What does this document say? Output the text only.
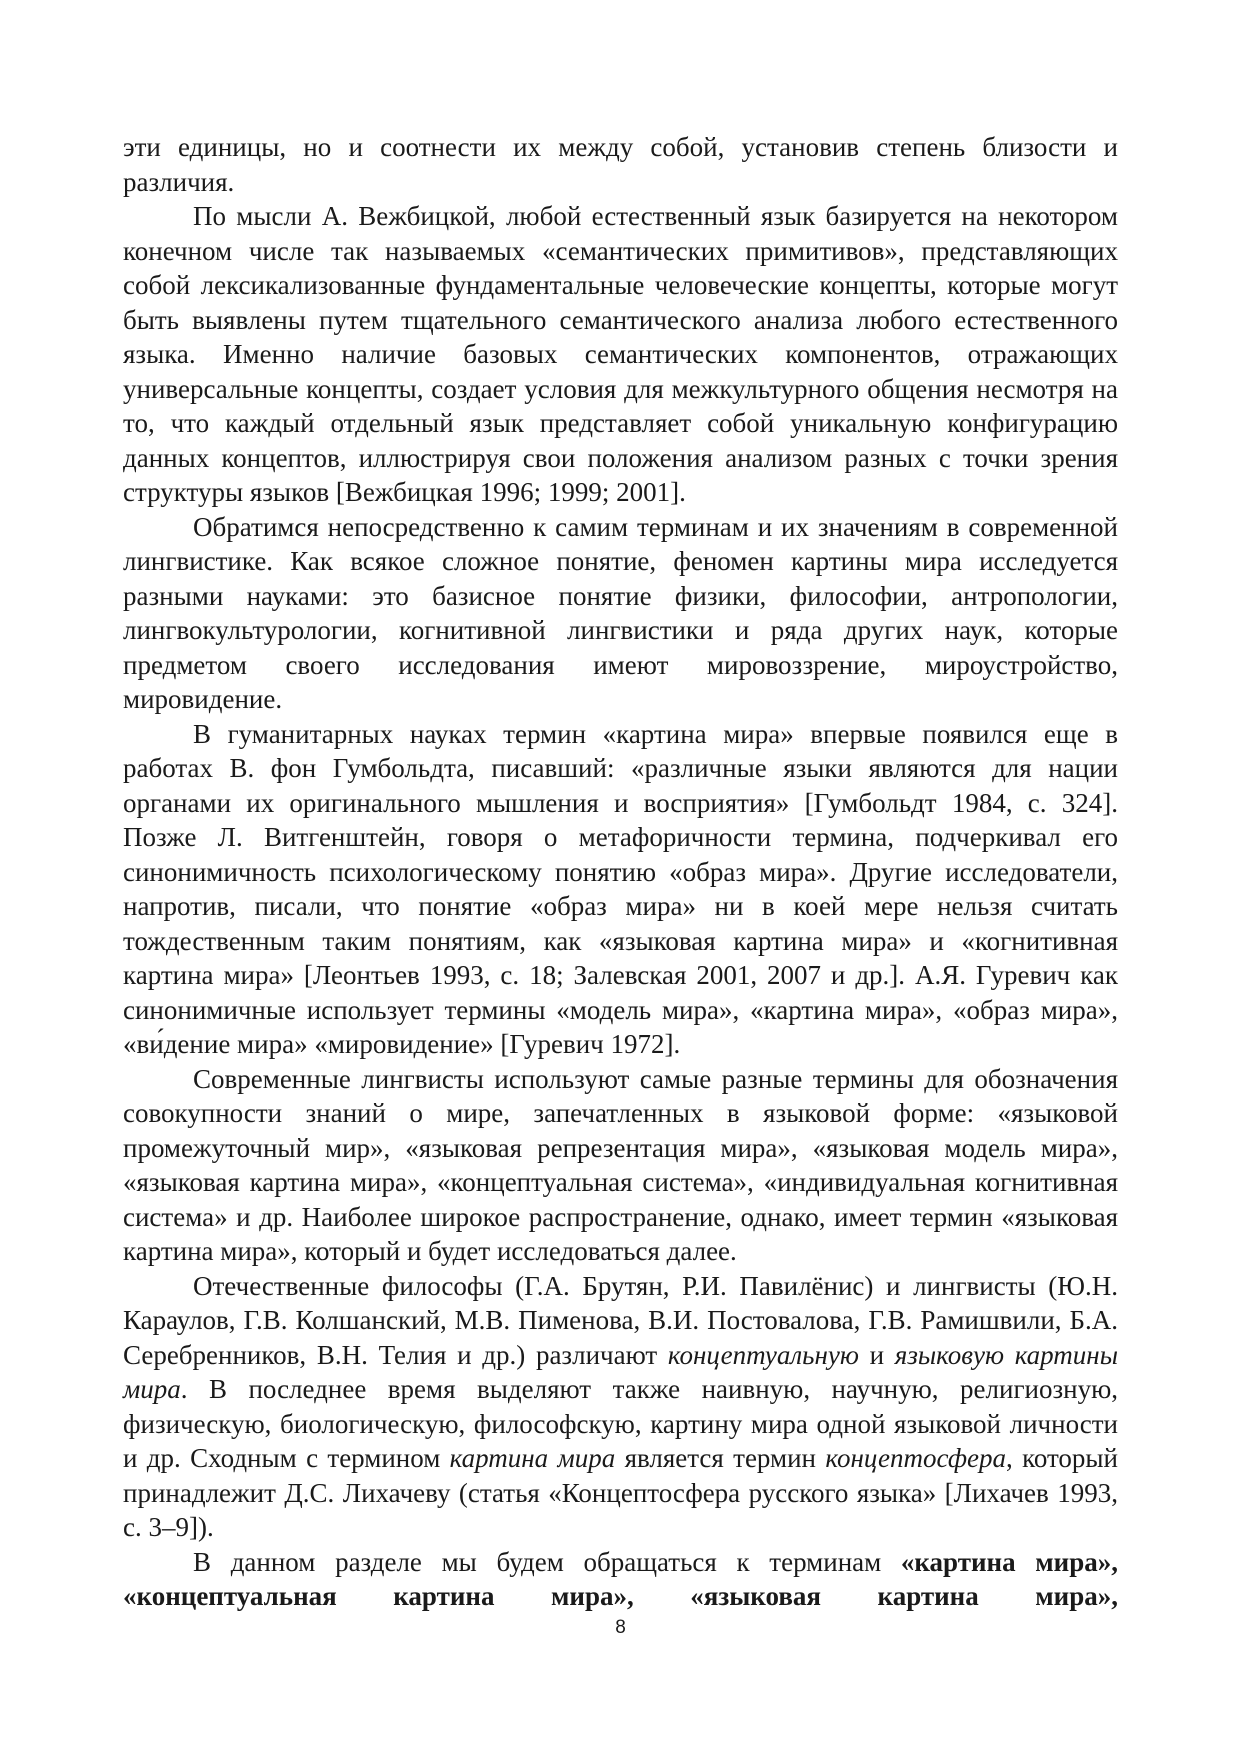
эти единицы, но и соотнести их между собой, установив степень близости и различия.

По мысли А. Вежбицкой, любой естественный язык базируется на некотором конечном числе так называемых «семантических примитивов», представляющих собой лексикализованные фундаментальные человеческие концепты, которые могут быть выявлены путем тщательного семантического анализа любого естественного языка. Именно наличие базовых семантических компонентов, отражающих универсальные концепты, создает условия для межкультурного общения несмотря на то, что каждый отдельный язык представляет собой уникальную конфигурацию данных концептов, иллюстрируя свои положения анализом разных с точки зрения структуры языков [Вежбицкая 1996; 1999; 2001].

Обратимся непосредственно к самим терминам и их значениям в современной лингвистике. Как всякое сложное понятие, феномен картины мира исследуется разными науками: это базисное понятие физики, философии, антропологии, лингвокультурологии, когнитивной лингвистики и ряда других наук, которые предметом своего исследования имеют мировоззрение, мироустройство, мировидение.

В гуманитарных науках термин «картина мира» впервые появился еще в работах В. фон Гумбольдта, писавший: «различные языки являются для нации органами их оригинального мышления и восприятия» [Гумбольдт 1984, с. 324]. Позже Л. Витгенштейн, говоря о метафоричности термина, подчеркивал его синонимичность психологическому понятию «образ мира». Другие исследователи, напротив, писали, что понятие «образ мира» ни в коей мере нельзя считать тождественным таким понятиям, как «языковая картина мира» и «когнитивная картина мира» [Леонтьев 1993, с. 18; Залевская 2001, 2007 и др.]. А.Я. Гуревич как синонимичные использует термины «модель мира», «картина мира», «образ мира», «ви́дение мира» «мировидение» [Гуревич 1972].

Современные лингвисты используют самые разные термины для обозначения совокупности знаний о мире, запечатленных в языковой форме: «языковой промежуточный мир», «языковая репрезентация мира», «языковая модель мира», «языковая картина мира», «концептуальная система», «индивидуальная когнитивная система» и др. Наиболее широкое распространение, однако, имеет термин «языковая картина мира», который и будет исследоваться далее.

Отечественные философы (Г.А. Брутян, Р.И. Павилёнис) и лингвисты (Ю.Н. Караулов, Г.В. Колшанский, М.В. Пименова, В.И. Постовалова, Г.В. Рамишвили, Б.А. Серебренников, В.Н. Телия и др.) различают концептуальную и языковую картины мира. В последнее время выделяют также наивную, научную, религиозную, физическую, биологическую, философскую, картину мира одной языковой личности и др. Сходным с термином картина мира является термин концептосфера, который принадлежит Д.С. Лихачеву (статья «Концептосфера русского языка» [Лихачев 1993, с. 3–9]).

В данном разделе мы будем обращаться к терминам «картина мира», «концептуальная картина мира», «языковая картина мира»,

8
